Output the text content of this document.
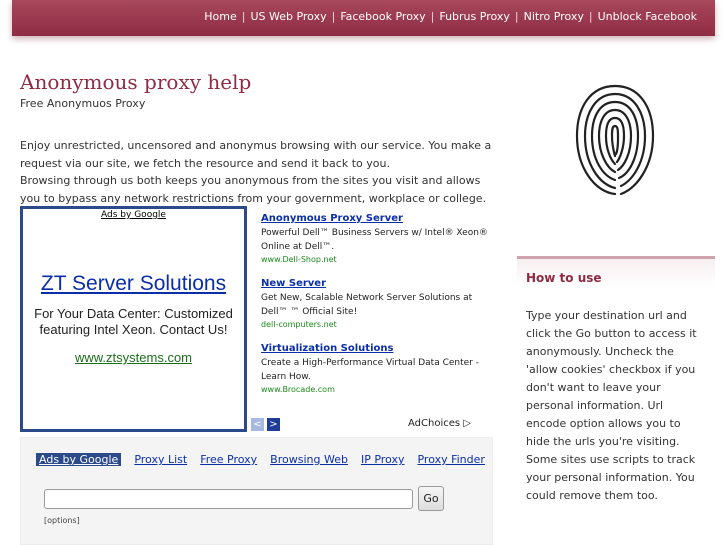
Home | US Web Proxy | Facebook Proxy | Fubrus Proxy | Nitro Proxy | Unblock Facebook
Anonymous proxy help
Free Anonymuos Proxy
Enjoy unrestricted, uncensored and anonymus browsing with our service. You make a request via our site, we fetch the resource and send it back to you.
Browsing through us both keeps you anonymous from the sites you visit and allows you to bypass any network restrictions from your government, workplace or college.
Ads by Google
ZT Server Solutions
For Your Data Center: Customized featuring Intel Xeon. Contact Us!
www.ztsystems.com
Anonymous Proxy Server
Powerful Dell™ Business Servers w/ Intel® Xeon® Online at Dell™.
www.Dell-Shop.net
New Server
Get New, Scalable Network Server Solutions at Dell™ ™ Official Site!
dell-computers.net
Virtualization Solutions
Create a High-Performance Virtual Data Center - Learn How.
www.Brocade.com
< >	AdChoices ▷
Ads by Google Proxy List Free Proxy Browsing Web IP Proxy Proxy Finder
Go
[options]
How to use

Type your destination url and click the Go button to access it anonymously. Uncheck the 'allow cookies' checkbox if you don't want to leave your personal information. Url encode option allows you to hide the urls you're visiting. Some sites use scripts to track your personal information. You could remove them too.
